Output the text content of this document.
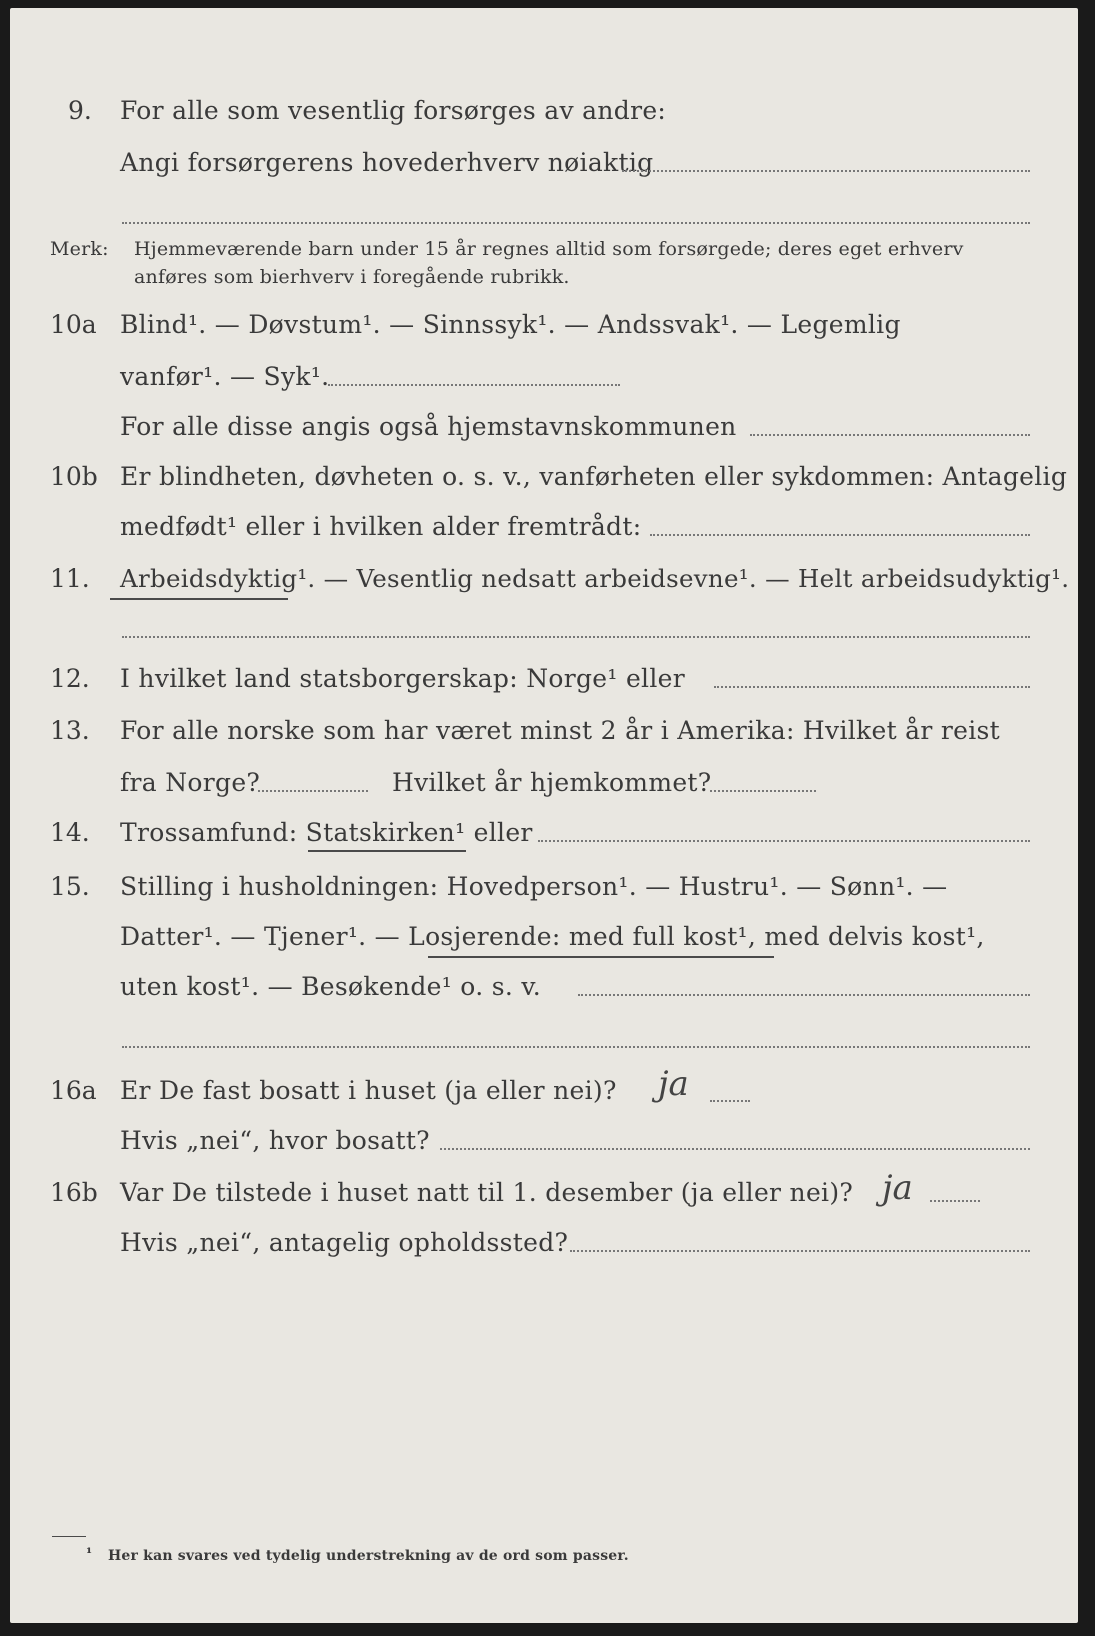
9. For alle som vesentlig forsørges av andre:
Angi forsørgerens hovederhverv nøiaktig
Merk: Hjemmeværende barn under 15 år regnes alltid som forsørgede; deres eget erhverv
anføres som bierhverv i foregående rubrikk.
10a Blind¹. — Døvstum¹. — Sinnssyk¹. — Andssvak¹. — Legemlig
vanfør¹. — Syk¹.
For alle disse angis også hjemstavnskommunen
10b Er blindheten, døvheten o. s. v., vanførheten eller sykdommen: Antagelig
medfødt¹ eller i hvilken alder fremtrådt:
11. Arbeidsdyktig¹. — Vesentlig nedsatt arbeidsevne¹. — Helt arbeidsudyktig¹.
12. I hvilket land statsborgerskap: Norge¹ eller
13. For alle norske som har været minst 2 år i Amerika: Hvilket år reist
fra Norge?	Hvilket år hjemkommet?
14. Trossamfund: Statskirken¹ eller
15. Stilling i husholdningen: Hovedperson¹. — Hustru¹. — Sønn¹. —
Datter¹. — Tjener¹. — Losjerende: med full kost¹, med delvis kost¹,
uten kost¹. — Besøkende¹ o. s. v.
16a Er De fast bosatt i huset (ja eller nei)? ja
Hvis „nei“, hvor bosatt?
16b Var De tilstede i huset natt til 1. desember (ja eller nei)? ja
Hvis „nei“, antagelig opholdssted?
¹ Her kan svares ved tydelig understrekning av de ord som passer.
